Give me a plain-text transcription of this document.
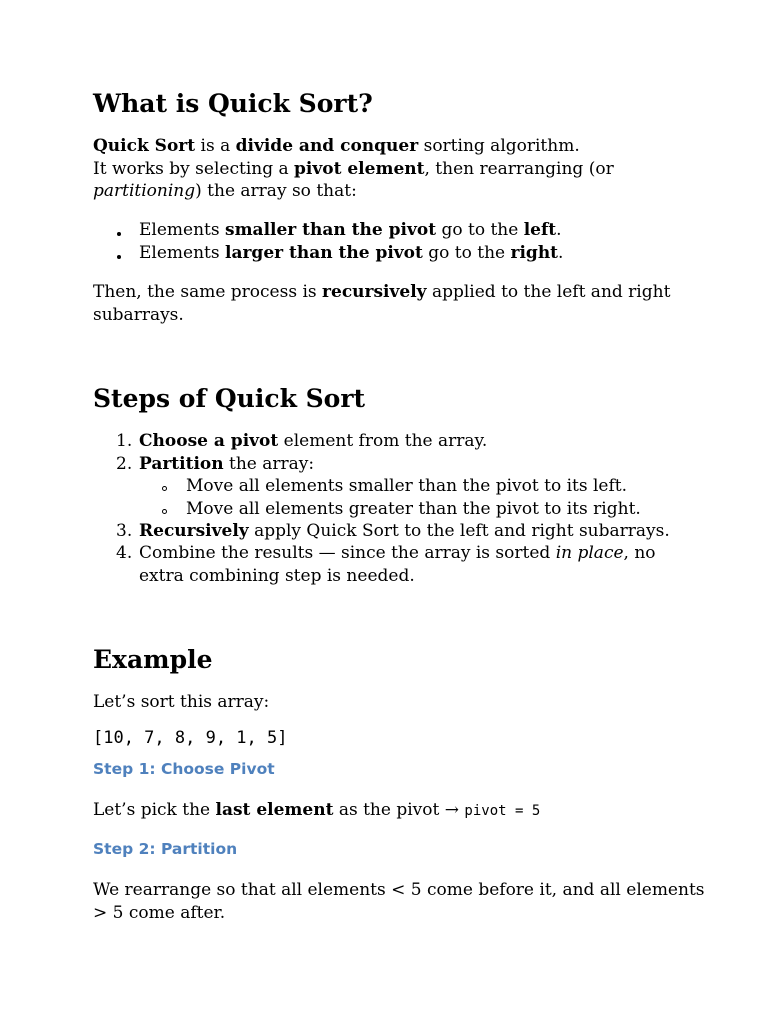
What is Quick Sort?
Quick Sort is a divide and conquer sorting algorithm.
It works by selecting a pivot element, then rearranging (or
partitioning) the array so that:
Elements smaller than the pivot go to the left.
Elements larger than the pivot go to the right.
Then, the same process is recursively applied to the left and right
subarrays.
Steps of Quick Sort
1. Choose a pivot element from the array.
2. Partition the array:
Move all elements smaller than the pivot to its left.
Move all elements greater than the pivot to its right.
3. Recursively apply Quick Sort to the left and right subarrays.
4. Combine the results — since the array is sorted in place, no
extra combining step is needed.
Example
Let’s sort this array:
[10, 7, 8, 9, 1, 5]
Step 1: Choose Pivot
Let’s pick the last element as the pivot → pivot = 5
Step 2: Partition
We rearrange so that all elements < 5 come before it, and all elements
> 5 come after.
